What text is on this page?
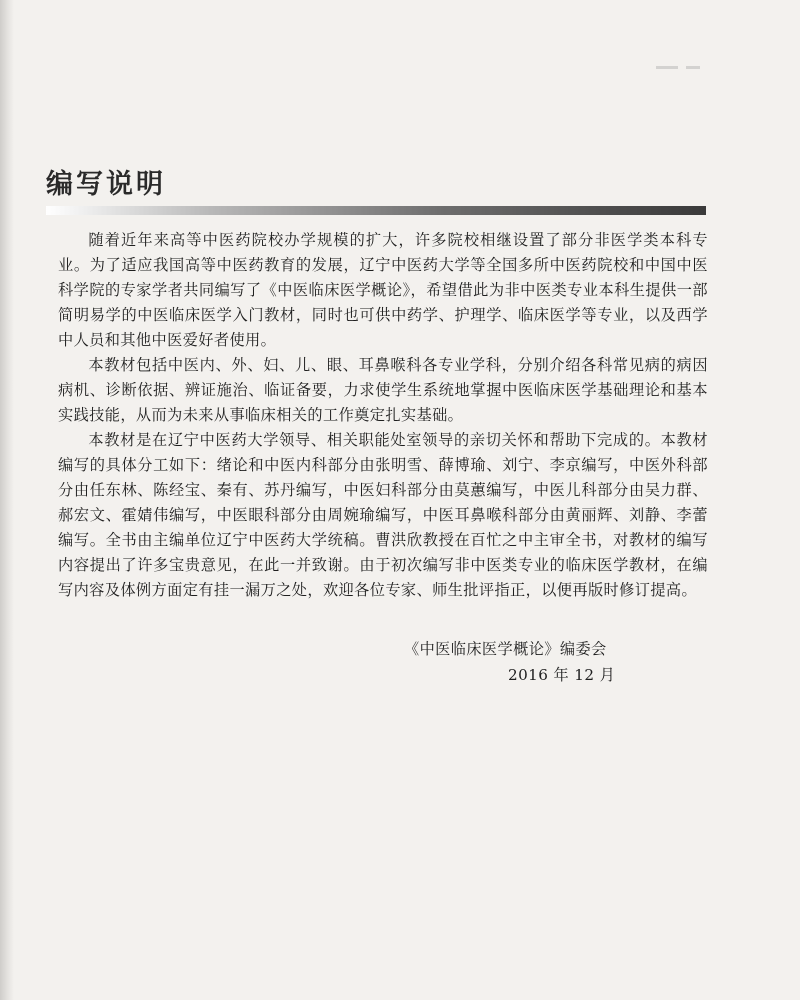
编写说明

随着近年来高等中医药院校办学规模的扩大，许多院校相继设置了部分非医学类本科专业。为了适应我国高等中医药教育的发展，辽宁中医药大学等全国多所中医药院校和中国中医科学院的专家学者共同编写了《中医临床医学概论》，希望借此为非中医类专业本科生提供一部简明易学的中医临床医学入门教材，同时也可供中药学、护理学、临床医学等专业，以及西学中人员和其他中医爱好者使用。

本教材包括中医内、外、妇、儿、眼、耳鼻喉科各专业学科，分别介绍各科常见病的病因病机、诊断依据、辨证施治、临证备要，力求使学生系统地掌握中医临床医学基础理论和基本实践技能，从而为未来从事临床相关的工作奠定扎实基础。

本教材是在辽宁中医药大学领导、相关职能处室领导的亲切关怀和帮助下完成的。本教材编写的具体分工如下：绪论和中医内科部分由张明雪、薛博瑜、刘宁、李京编写，中医外科部分由任东林、陈经宝、秦有、苏丹编写，中医妇科部分由莫蕙编写，中医儿科部分由吴力群、郝宏文、霍婧伟编写，中医眼科部分由周婉瑜编写，中医耳鼻喉科部分由黄丽辉、刘静、李蕾编写。全书由主编单位辽宁中医药大学统稿。曹洪欣教授在百忙之中主审全书，对教材的编写内容提出了许多宝贵意见，在此一并致谢。由于初次编写非中医类专业的临床医学教材，在编写内容及体例方面定有挂一漏万之处，欢迎各位专家、师生批评指正，以便再版时修订提高。

《中医临床医学概论》编委会
2016 年 12 月
